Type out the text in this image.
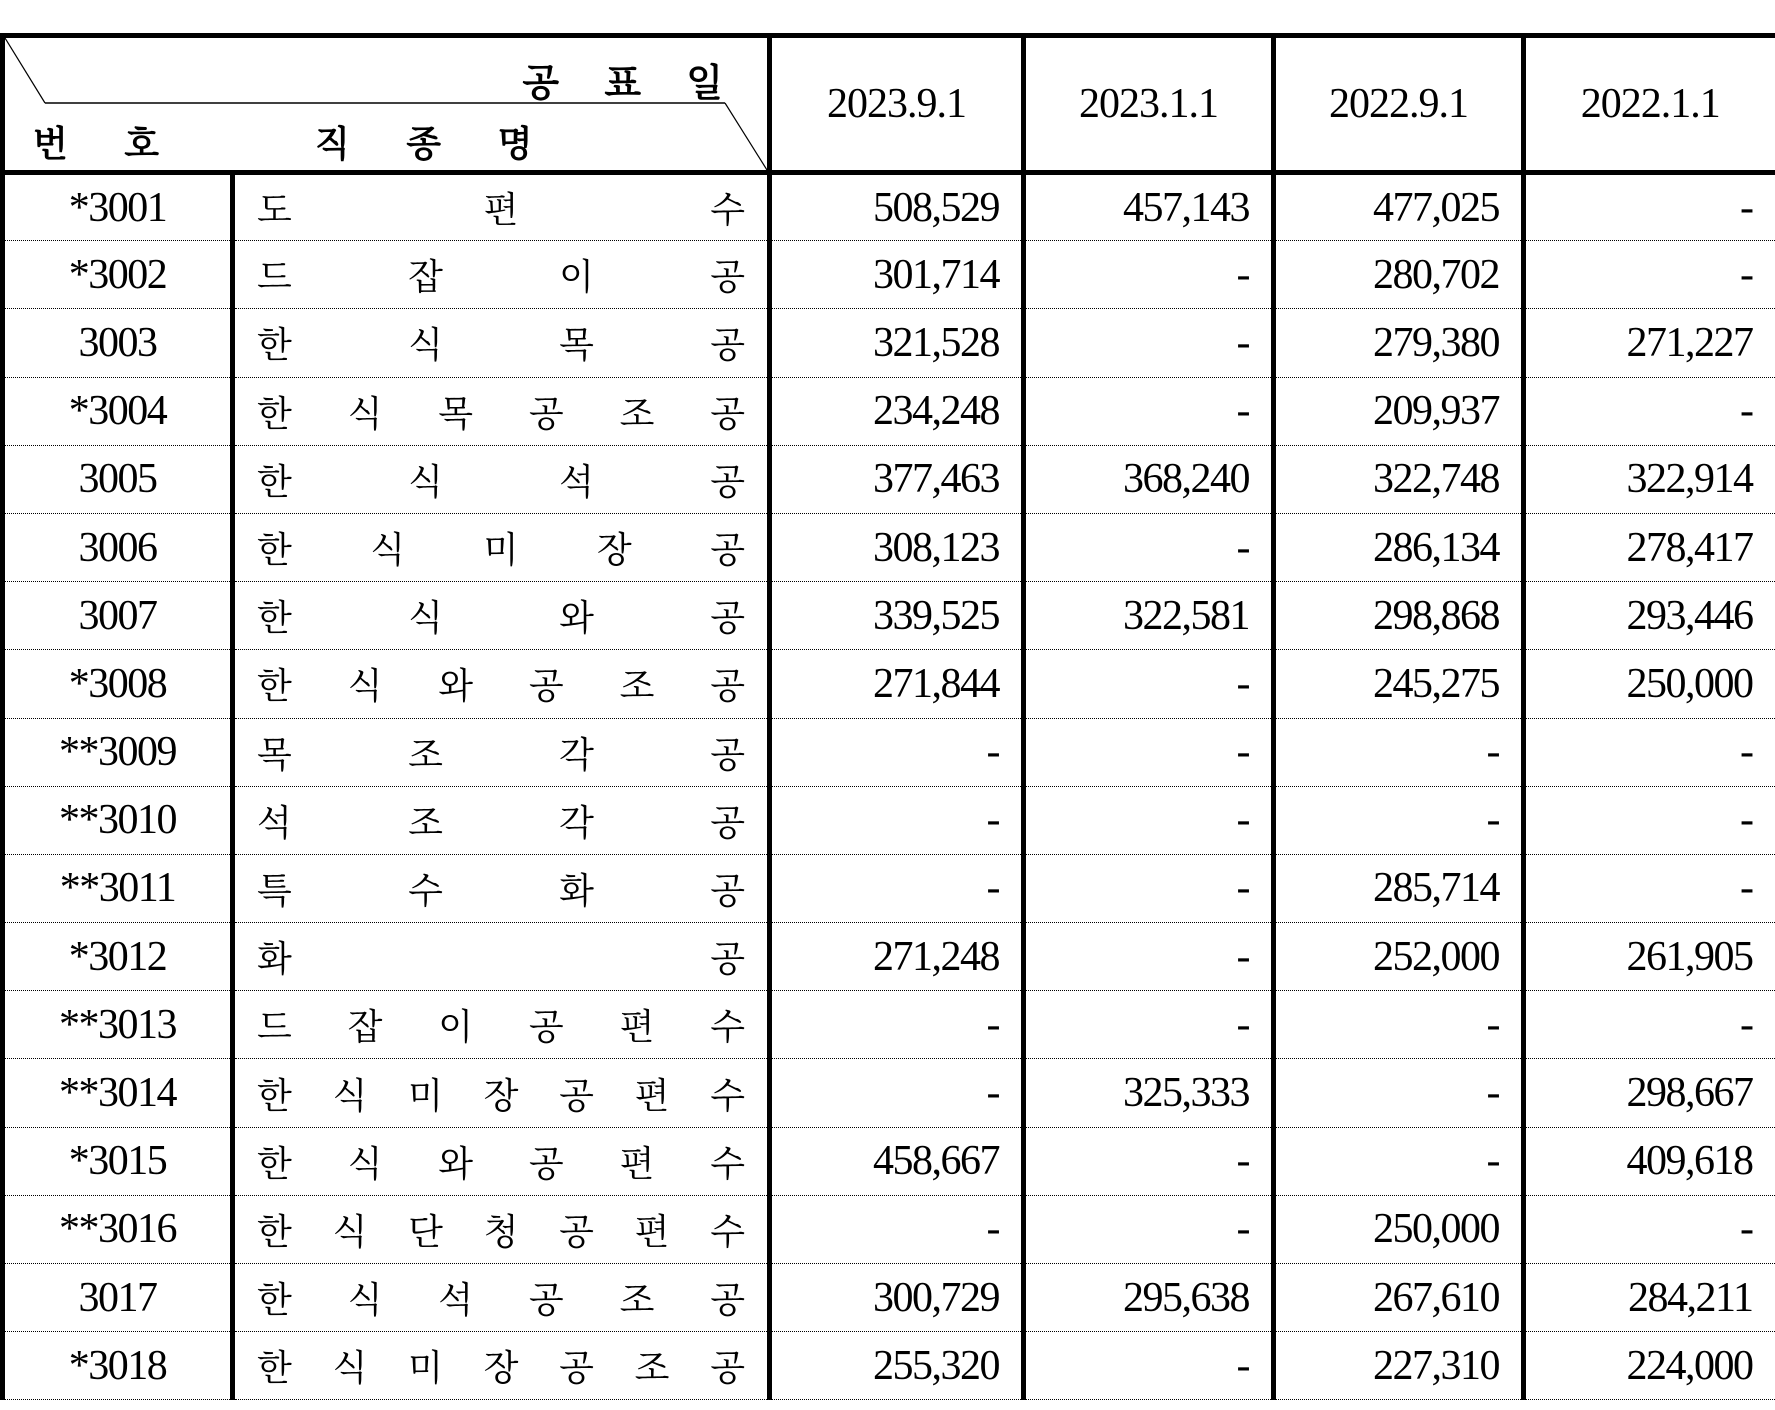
공 표 일
번 호 직 종 명		2023.9.1	2023.1.1	2022.9.1	2022.1.1
*3001	도 편 수	508,529	457,143	477,025	-
*3002	드 잡 이 공	301,714	-	280,702	-
3003	한 식 목 공	321,528	-	279,380	271,227
*3004	한 식 목 공 조 공	234,248	-	209,937	-
3005	한 식 석 공	377,463	368,240	322,748	322,914
3006	한 식 미 장 공	308,123	-	286,134	278,417
3007	한 식 와 공	339,525	322,581	298,868	293,446
*3008	한 식 와 공 조 공	271,844	-	245,275	250,000
**3009	목 조 각 공	-	-	-	-
**3010	석 조 각 공	-	-	-	-
**3011	특 수 화 공	-	-	285,714	-
*3012	화 공	271,248	-	252,000	261,905
**3013	드 잡 이 공 편 수	-	-	-	-
**3014	한 식 미 장 공 편 수	-	325,333	-	298,667
*3015	한 식 와 공 편 수	458,667	-	-	409,618
**3016	한 식 단 청 공 편 수	-	-	250,000	-
3017	한 식 석 공 조 공	300,729	295,638	267,610	284,211
*3018	한 식 미 장 공 조 공	255,320	-	227,310	224,000
